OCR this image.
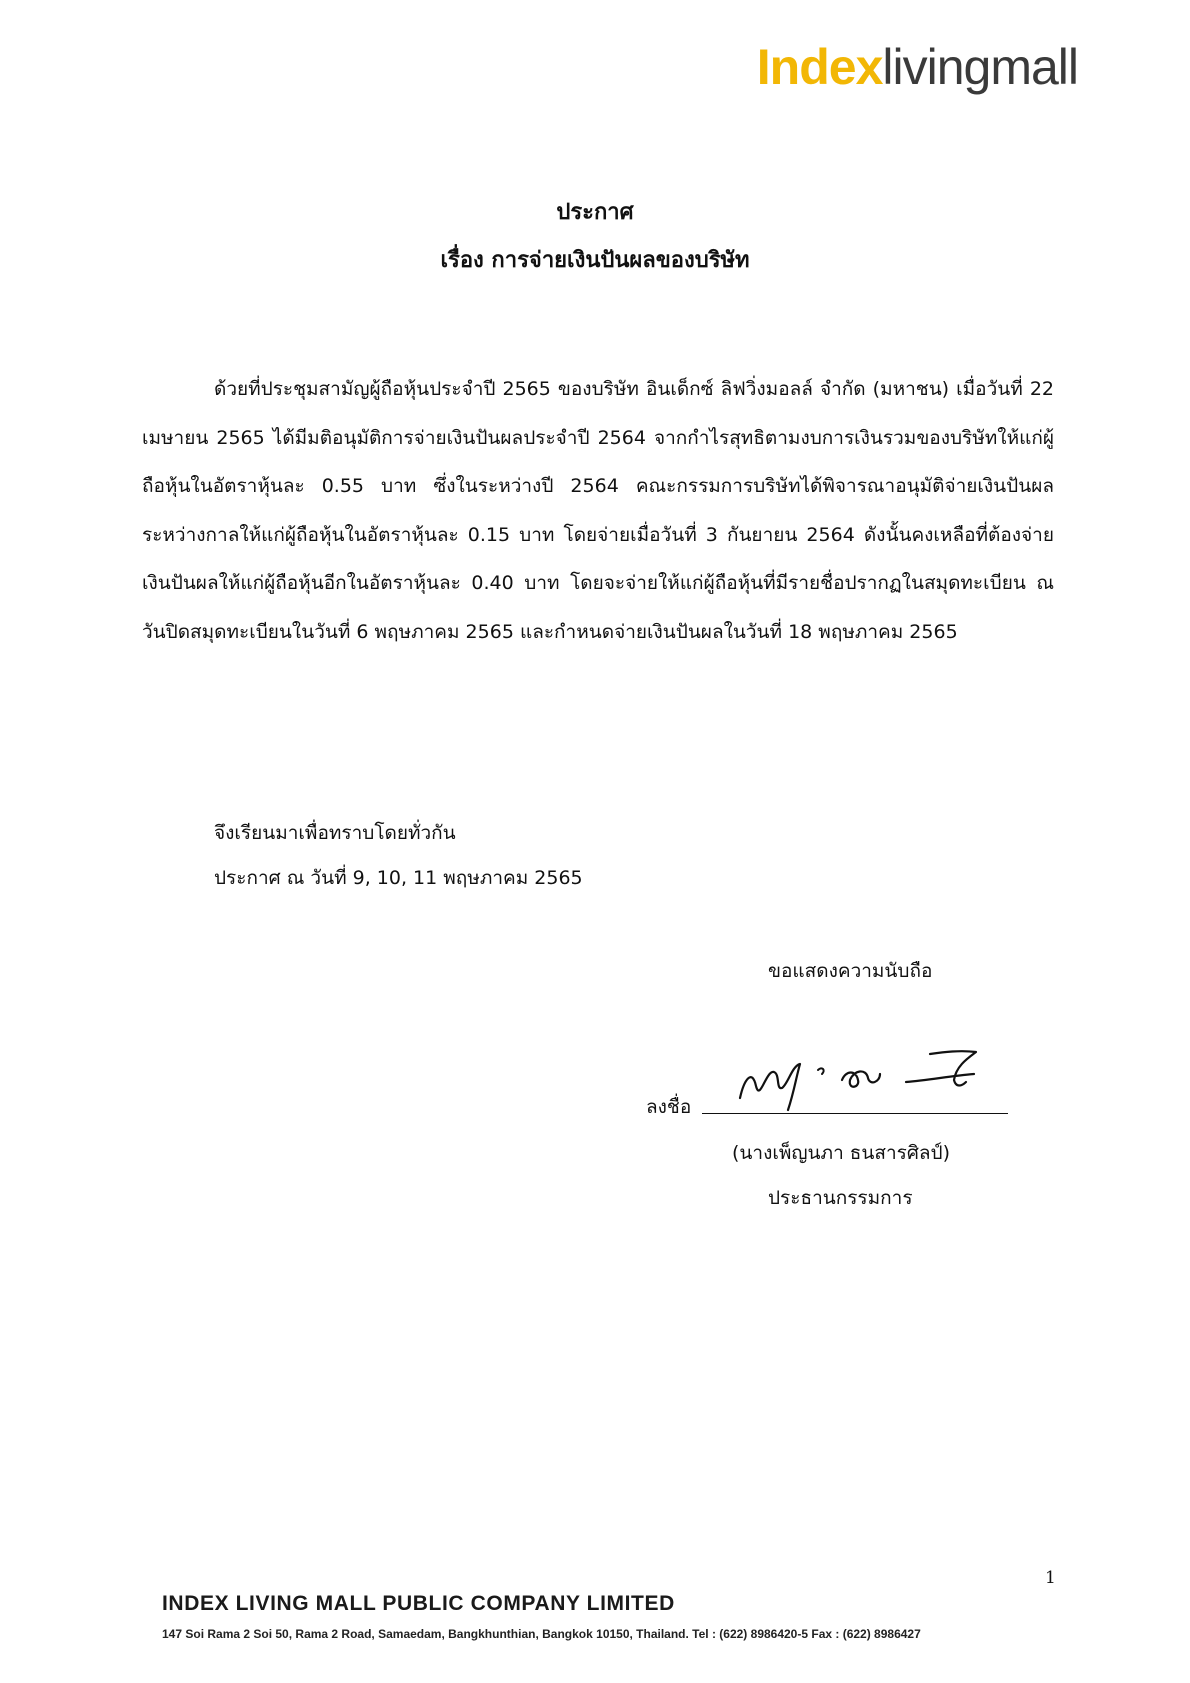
Indexlivingmall
ประกาศ
เรื่อง การจ่ายเงินปันผลของบริษัท

ด้วยที่ประชุมสามัญผู้ถือหุ้นประจำปี 2565 ของบริษัท อินเด็กซ์ ลิฟวิ่งมอลล์ จำกัด (มหาชน) เมื่อวันที่ 22 เมษายน 2565 ได้มีมติอนุมัติการจ่ายเงินปันผลประจำปี 2564 จากกำไรสุทธิตามงบการเงินรวมของบริษัทให้แก่ผู้ถือหุ้นในอัตราหุ้นละ 0.55 บาท ซึ่งในระหว่างปี 2564 คณะกรรมการบริษัทได้พิจารณาอนุมัติจ่ายเงินปันผลระหว่างกาลให้แก่ผู้ถือหุ้นในอัตราหุ้นละ 0.15 บาท โดยจ่ายเมื่อวันที่ 3 กันยายน 2564 ดังนั้นคงเหลือที่ต้องจ่ายเงินปันผลให้แก่ผู้ถือหุ้นอีกในอัตราหุ้นละ 0.40 บาท โดยจะจ่ายให้แก่ผู้ถือหุ้นที่มีรายชื่อปรากฏในสมุดทะเบียน ณ วันปิดสมุดทะเบียนในวันที่ 6 พฤษภาคม 2565 และกำหนดจ่ายเงินปันผลในวันที่ 18 พฤษภาคม 2565

จึงเรียนมาเพื่อทราบโดยทั่วกัน
ประกาศ ณ วันที่ 9, 10, 11 พฤษภาคม 2565
ขอแสดงความนับถือ
ลงชื่อ
(นางเพ็ญนภา ธนสารศิลป์)
ประธานกรรมการ
1
INDEX LIVING MALL PUBLIC COMPANY LIMITED
147 Soi Rama 2 Soi 50, Rama 2 Road, Samaedam, Bangkhunthian, Bangkok 10150, Thailand. Tel : (622) 8986420-5 Fax : (622) 8986427
